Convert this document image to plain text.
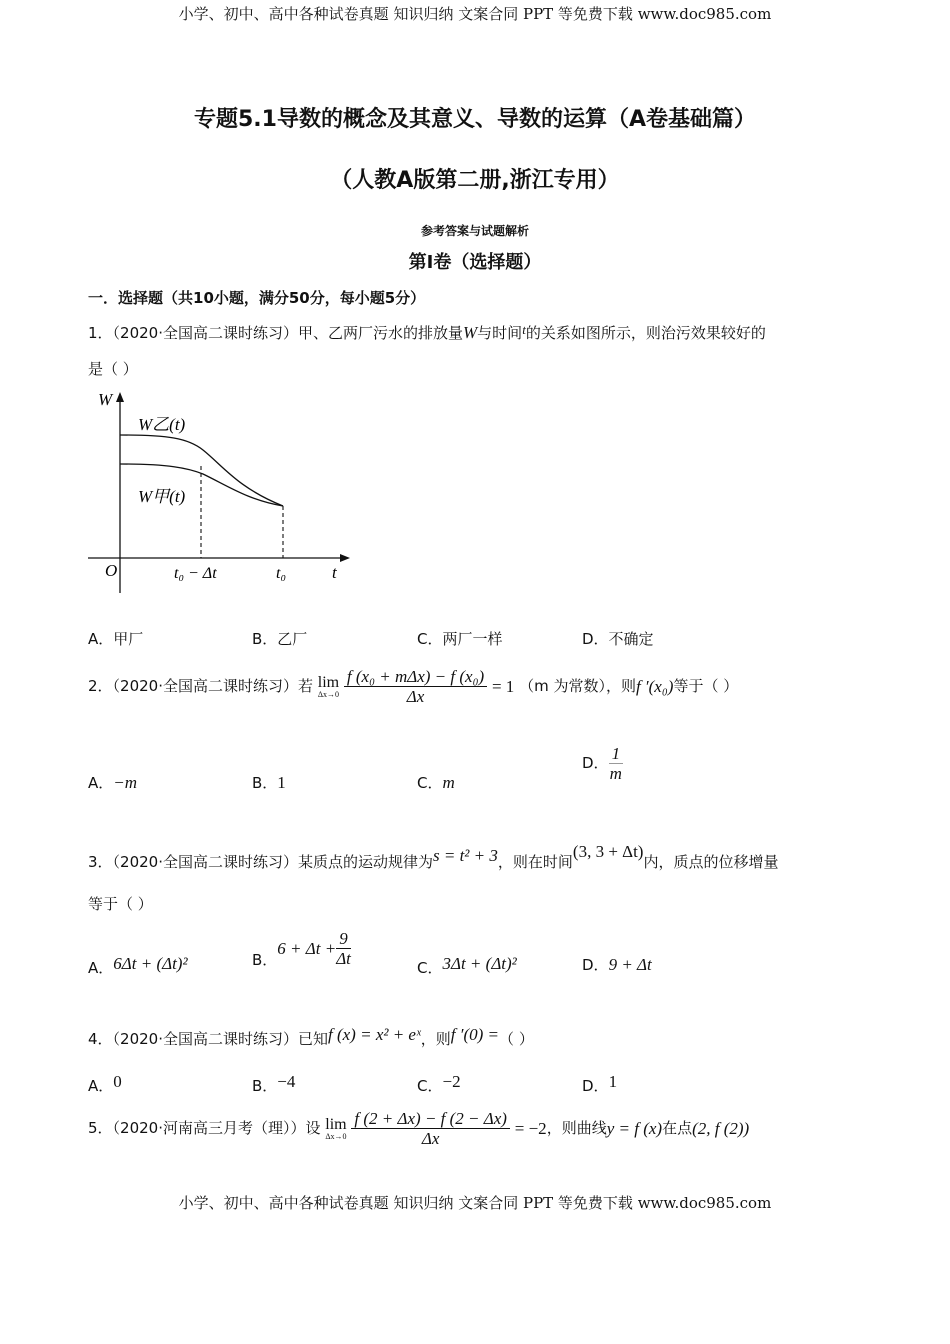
小学、初中、高中各种试卷真题 知识归纳 文案合同 PPT 等免费下载 www.doc985.com
专题5.1导数的概念及其意义、导数的运算（A卷基础篇）
（人教A版第二册,浙江专用）
参考答案与试题解析
第Ⅰ卷（选择题）
一．选择题（共10小题，满分50分，每小题5分）
1．（2020·全国高二课时练习）甲、乙两厂污水的排放量W与时间t的关系如图所示，则治污效果较好的
是（ ）
W
O	t
W乙(t)
W甲(t)
t₀ − Δt	t₀
A．甲厂	B．乙厂	C．两厂一样	D．不确定
2．（2020·全国高二课时练习）若 lim
Δx→0
$\frac{\text{f (x₀ + mΔx) − f (x₀)}}{\Delta x} = 1$ （m 为常数），则f ′(x₀)等于（ ）
A．−m	B．1	C．m
D． $\frac{1}{m}$
3．（2020·全国高二课时练习）某质点的运动规律为s = t² + 3，则在时间(3, 3 + Δt)内，质点的位移增量
等于（ ）
A．6Δt + (Δt)²	B．$6 + \Delta t + \frac{9}{\Delta t}$
C．3Δt + (Δt)²	D．9 + Δt
4．（2020·全国高二课时练习）已知f (x) = x² + eˣ，则f ′(0) =（ ）
A．0	B．−4	C．−2	D．1
5．（2020·河南高三月考（理））设 lim
Δx→0
$\frac{f (2 + \Delta x) - f (2 - \Delta x)}{\Delta x} = -2$，则曲线y = f (x)在点(2, f (2))
小学、初中、高中各种试卷真题 知识归纳 文案合同 PPT 等免费下载 www.doc985.com
